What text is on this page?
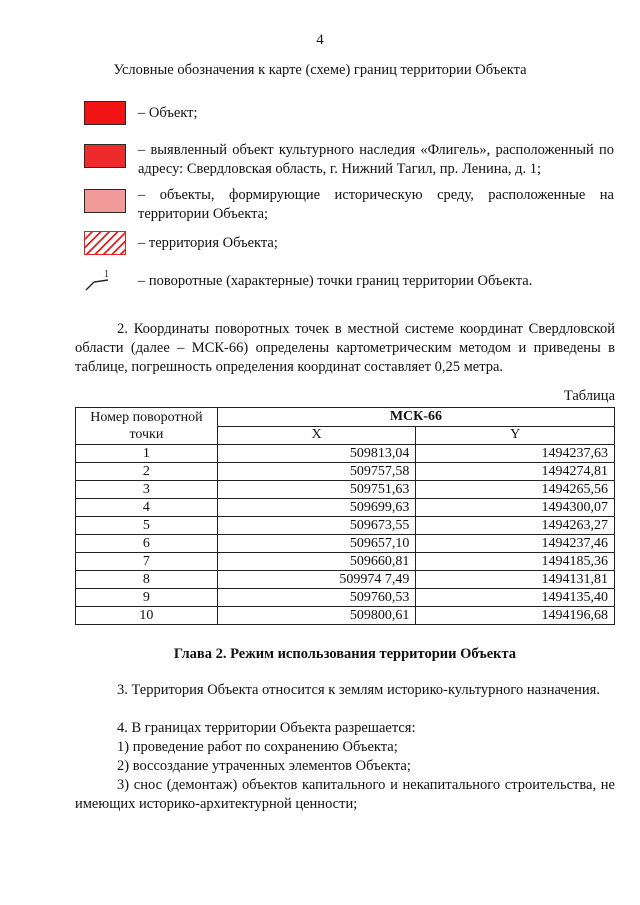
4
Условные обозначения к карте (схеме) границ территории Объекта
– Объект;
– выявленный объект культурного наследия «Флигель», расположенный по адресу: Свердловская область, г. Нижний Тагил, пр. Ленина, д. 1;
– объекты, формирующие историческую среду, расположенные на территории Объекта;
– территория Объекта;
1 – поворотные (характерные) точки границ территории Объекта.
2. Координаты поворотных точек в местной системе координат Свердловской области (далее – МСК-66) определены картометрическим методом и приведены в таблице, погрешность определения координат составляет 0,25 метра.
Таблица
Номер поворотной точки	МСК-66	
	X	Y
1	509813,04	1494237,63
2	509757,58	1494274,81
3	509751,63	1494265,56
4	509699,63	1494300,07
5	509673,55	1494263,27
6	509657,10	1494237,46
7	509660,81	1494185,36
8	509974 7,49	1494131,81
9	509760,53	1494135,40
10	509800,61	1494196,68
Глава 2. Режим использования территории Объекта
3. Территория Объекта относится к землям историко-культурного назначения.
4. В границах территории Объекта разрешается:
1) проведение работ по сохранению Объекта;
2) воссоздание утраченных элементов Объекта;
3) снос (демонтаж) объектов капитального и некапитального строительства, не имеющих историко-архитектурной ценности;
